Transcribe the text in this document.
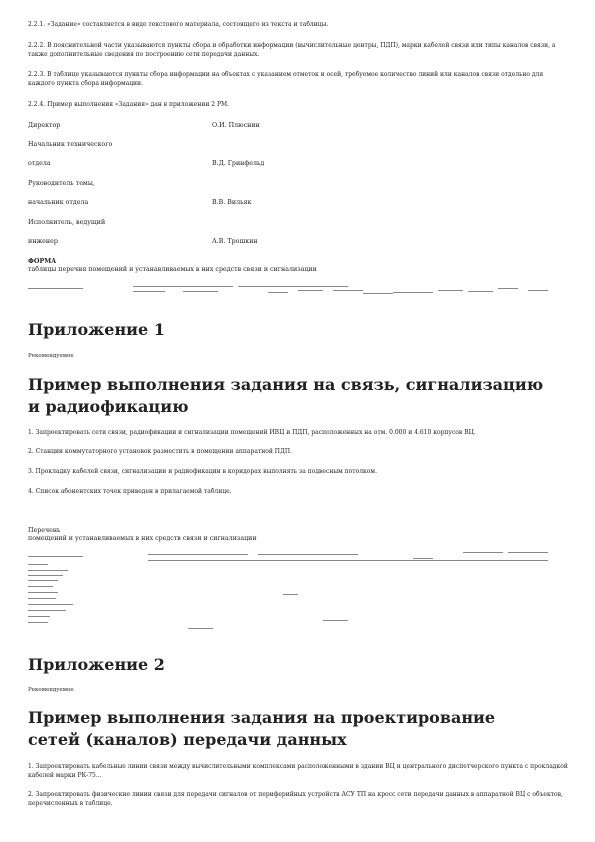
2.2.1. «Задание» составляется в виде текстового материала, состоящего из текста и таблицы.
2.2.2. В пояснительной части указываются пункты сбора и обработки информации (вычислительные центры, ПДП), марки кабелей связи или типы каналов связи, а также дополнительные сведения по построению сети передачи данных.
2.2.3. В таблице указываются пункты сбора информации на объектах с указанием отметок и осей, требуемое количество линий или каналов связи отдельно для каждого пункта сбора информации.
2.2.4. Пример выполнения «Задания» дан в приложении 2 РМ.
Директор	О.И. Плюснин
Начальник технического
отдела	В.Д. Гринфельд
Руководитель темы,
начальник отдела	В.В. Вильяк
Исполнитель, ведущий
инженер	А.В. Трошкин
ФОРМА
таблицы перечня помещений и устанавливаемых в них средств связи и сигнализации
Приложение 1
Рекомендуемое
Пример выполнения задания на связь, сигнализацию и радиофикацию
1. Запроектировать сети связи, радиофикации и сигнализации помещений ИВЦ и ПДП, расположенных на отм. 0.000 и 4.610 корпусов ВЦ.
2. Станции коммутаторного установок разместить в помещении аппаратной ПДП.
3. Прокладку кабелей связи, сигнализации и радиофикации в коридорах выполнять за подвесным потолком.
4. Список абонентских точек приведен в прилагаемой таблице.
Перечень
помещений и устанавливаемых в них средств связи и сигнализации
Приложение 2
Рекомендуемое
Пример выполнения задания на проектирование сетей (каналов) передачи данных
1. Запроектировать кабельные линии связи между вычислительными комплексами расположенными в здании ВЦ и центрального диспетчерского пункта с прокладкой кабелей марки РК-75...
2. Запроектировать физические линии связи для передачи сигналов от периферийных устройств АСУ ТП на кросс сети передачи данных в аппаратной ВЦ с объектов, перечисленных в таблице.
